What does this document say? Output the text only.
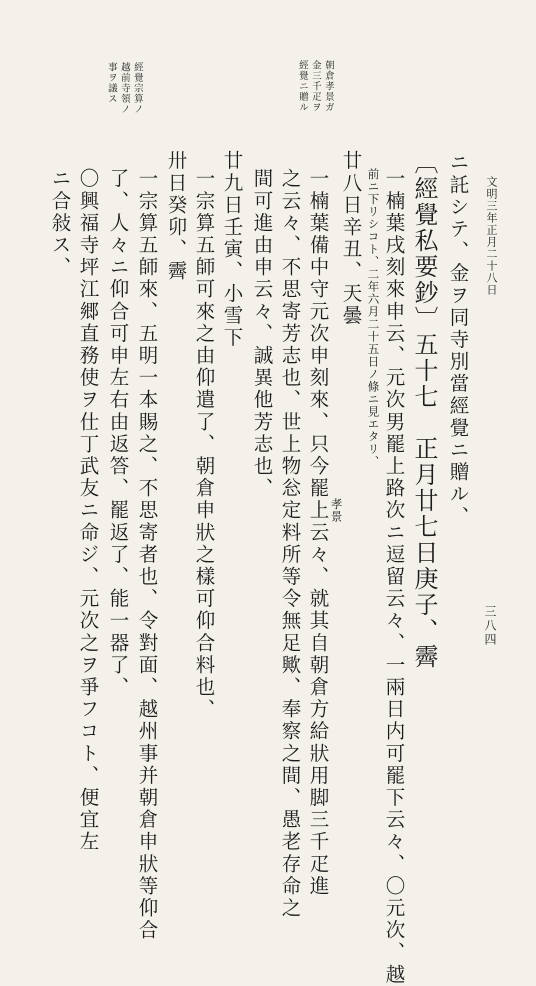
三八四
文明三年正月二十八日
朝倉孝景ガ
金三千疋ヲ
經覺ニ贈ル
經覺宗算ノ
越前寺領ノ
事ヲ議ス
ニ託シテ、金ヲ同寺別當經覺ニ贈ル、
〔經覺私要鈔〕五十七　正月廿七日庚子、霽
一楠葉戌刻來申云、元次男罷上路次ニ逗留云々、一兩日内可罷下云々、〇元次、越
前ニ下リシコト、二年六月二十五日ノ條ニ見エタリ、
廿八日辛丑、天曇
一楠葉備中守元次申刻來、只今罷上云々、就其自朝倉方給狀用脚三千疋進 孝景
之云々、不思寄芳志也、世上物忩定料所等令無足歟、奉察之間、愚老存命之
間可進由申云々、誠異他芳志也、
廿九日壬寅、小雪下
一宗算五師可來之由仰遣了、朝倉申狀之樣可仰合料也、
卅日癸卯、霽
一宗算五師來、五明一本賜之、不思寄者也、令對面、越州事并朝倉申狀等仰合
了、人々ニ仰合可申左右由返答、罷返了、能一器了、
〇興福寺坪江郷直務使ヲ仕丁武友ニ命ジ、元次之ヲ爭フコト、便宜左
ニ合敍ス、
